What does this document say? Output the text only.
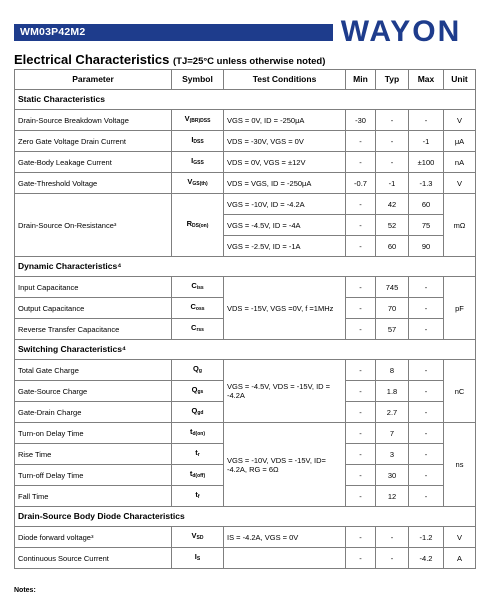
WM03P42M2	WAYON
Electrical Characteristics (TJ=25°C unless otherwise noted)
Parameter	Symbol	Test Conditions	Min	Typ	Max	Unit
Static Characteristics						
Drain-Source Breakdown Voltage	$V_{(BR)DSS}$	VGS = 0V, ID = -250μA	-30	-	-	V
Zero Gate Voltage Drain Current	$I_{DSS}$	VDS = -30V, VGS = 0V	-	-	-1	μA
Gate-Body Leakage Current	$I_{GSS}$	VDS = 0V, VGS = ±12V	-	-	±100	nA
Gate-Threshold Voltage	$V_{GS(th)}$	VDS = VGS, ID = -250μA	-0.7	-1	-1.3	V
Drain-Source On-Resistance³	$R_{DS(on)}$	VGS = -10V, ID = -4.2A	-	42	60	mΩ
		VGS = -4.5V, ID = -4A	-	52	75	
		VGS = -2.5V, ID = -1A	-	60	90	
Dynamic Characteristics⁴						
Input Capacitance	$C_{iss}$	VDS = -15V, VGS =0V, f =1MHz	-	745	-	pF
Output Capacitance	$C_{oss}$		-	70	-	
Reverse Transfer Capacitance	$C_{rss}$		-	57	-	
Switching Characteristics⁴						
Total Gate Charge	$Q_g$	VGS = -4.5V, VDS = -15V, ID = -4.2A	-	8	-	nC
Gate-Source Charge	$Q_{gs}$		-	1.8	-	
Gate-Drain Charge	$Q_{gd}$		-	2.7	-	
Turn-on Delay Time	$t_{d(on)}$	VGS = -10V, VDS = -15V, ID= -4.2A, RG = 6Ω	-	7	-	ns
Rise Time	$t_r$		-	3	-	
Turn-off Delay Time	$t_{d(off)}$		-	30	-	
Fall Time	$t_f$		-	12	-	
Drain-Source Body Diode Characteristics						
Diode forward voltage³	$V_{SD}$	IS = -4.2A, VGS = 0V	-	-	-1.2	V
Continuous Source Current	$I_S$		-	-	-4.2	A
Notes:
